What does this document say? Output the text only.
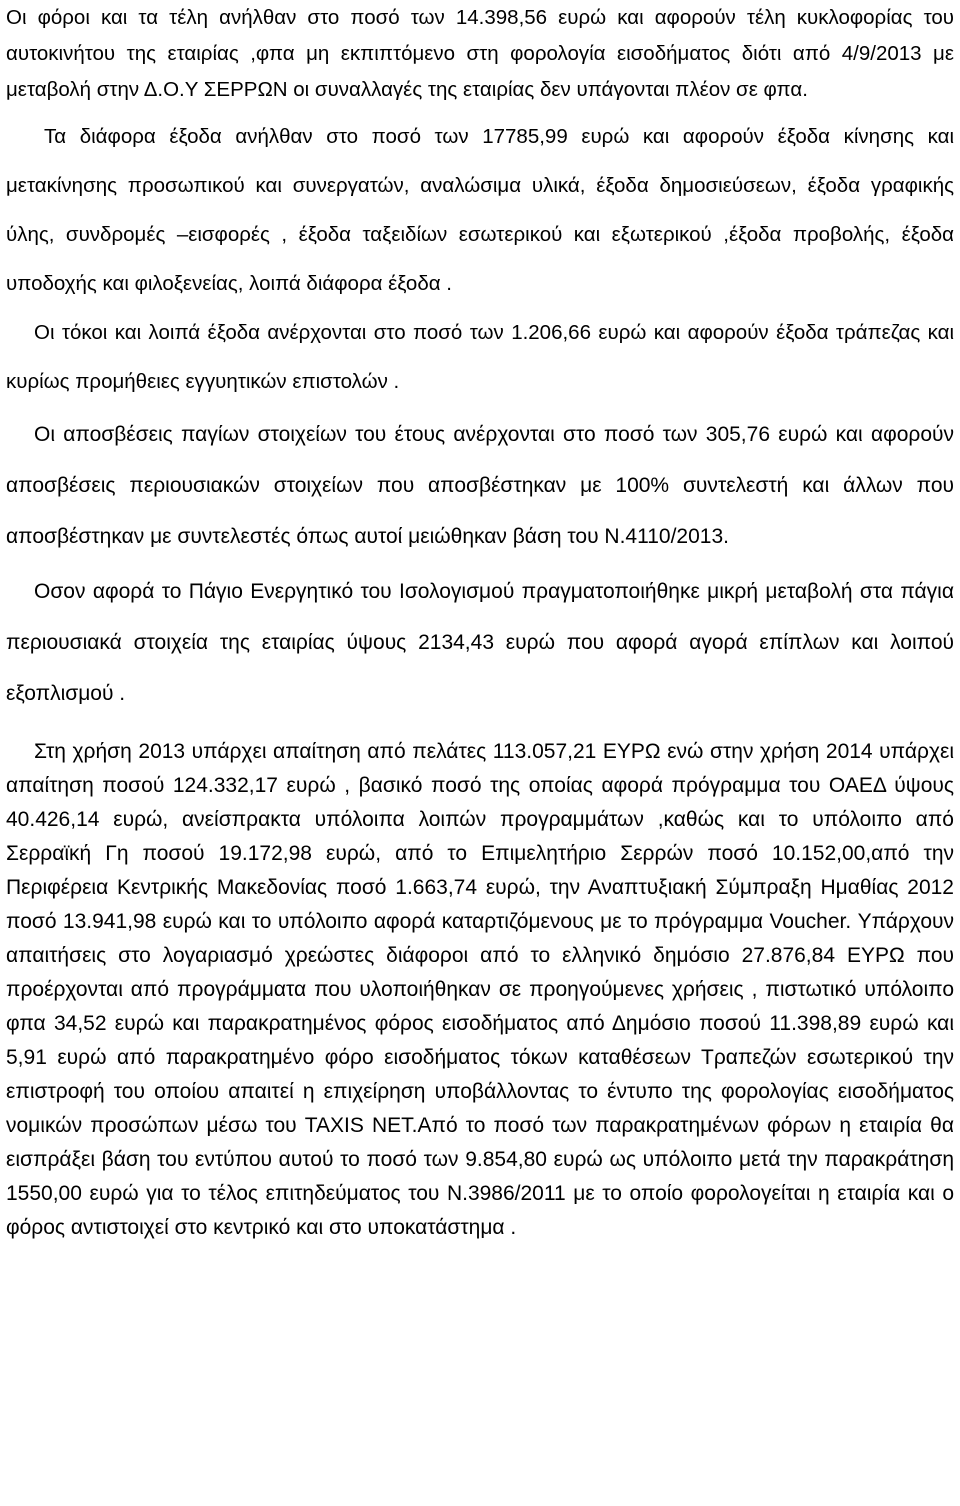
Οι φόροι και τα τέλη ανήλθαν στο ποσό των 14.398,56 ευρώ και αφορούν τέλη κυκλοφορίας του αυτοκινήτου της εταιρίας ,φπα μη εκπιπτόμενο στη φορολογία εισοδήματος διότι από 4/9/2013 με μεταβολή στην Δ.Ο.Υ ΣΕΡΡΩΝ οι συναλλαγές της εταιρίας δεν υπάγονται πλέον σε φπα.

Τα διάφορα έξοδα ανήλθαν στο ποσό των 17785,99 ευρώ και αφορούν έξοδα κίνησης και μετακίνησης προσωπικού και συνεργατών, αναλώσιμα υλικά, έξοδα δημοσιεύσεων, έξοδα γραφικής ύλης, συνδρομές –εισφορές , έξοδα ταξειδίων εσωτερικού και εξωτερικού ,έξοδα προβολής, έξοδα υποδοχής και φιλοξενείας, λοιπά διάφορα έξοδα .

Οι τόκοι και λοιπά έξοδα ανέρχονται στο ποσό των 1.206,66 ευρώ και αφορούν έξοδα τράπεζας και κυρίως προμήθειες εγγυητικών επιστολών .

Οι αποσβέσεις παγίων στοιχείων του έτους ανέρχονται στο ποσό των 305,76 ευρώ και αφορούν αποσβέσεις περιουσιακών στοιχείων που αποσβέστηκαν με 100% συντελεστή και άλλων που αποσβέστηκαν με συντελεστές όπως αυτοί μειώθηκαν βάση του Ν.4110/2013.

Οσον αφορά το Πάγιο Ενεργητικό του Ισολογισμού πραγματοποιήθηκε μικρή μεταβολή στα πάγια περιουσιακά στοιχεία της εταιρίας ύψους 2134,43 ευρώ που αφορά αγορά επίπλων και λοιπού εξοπλισμού .

Στη χρήση 2013 υπάρχει απαίτηση από πελάτες 113.057,21 ΕΥΡΩ ενώ στην χρήση 2014 υπάρχει απαίτηση ποσού 124.332,17 ευρώ , βασικό ποσό της οποίας αφορά πρόγραμμα του ΟΑΕΔ ύψους 40.426,14 ευρώ, ανείσπρακτα υπόλοιπα λοιπών προγραμμάτων ,καθώς και το υπόλοιπο από Σερραϊκή Γη ποσού 19.172,98 ευρώ, από το Επιμελητήριο Σερρών ποσό 10.152,00,από την Περιφέρεια Κεντρικής Μακεδονίας ποσό 1.663,74 ευρώ, την Αναπτυξιακή Σύμπραξη Ημαθίας 2012 ποσό 13.941,98 ευρώ και το υπόλοιπο αφορά καταρτιζόμενους με το πρόγραμμα Voucher. Υπάρχουν απαιτήσεις στο λογαριασμό χρεώστες διάφοροι από το ελληνικό δημόσιο 27.876,84 ΕΥΡΩ που προέρχονται από προγράμματα που υλοποιήθηκαν σε προηγούμενες χρήσεις , πιστωτικό υπόλοιπο φπα 34,52 ευρώ και παρακρατημένος φόρος εισοδήματος από Δημόσιο ποσού 11.398,89 ευρώ και 5,91 ευρώ από παρακρατημένο φόρο εισοδήματος τόκων καταθέσεων Τραπεζών εσωτερικού την επιστροφή του οποίου απαιτεί η επιχείρηση υποβάλλοντας το έντυπο της φορολογίας εισοδήματος νομικών προσώπων μέσω του TAXIS NET.Από το ποσό των παρακρατημένων φόρων η εταιρία θα εισπράξει βάση του εντύπου αυτού το ποσό των 9.854,80 ευρώ ως υπόλοιπο μετά την παρακράτηση 1550,00 ευρώ για το τέλος επιτηδεύματος του Ν.3986/2011 με το οποίο φορολογείται η εταιρία και ο φόρος αντιστοιχεί στο κεντρικό και στο υποκατάστημα .
